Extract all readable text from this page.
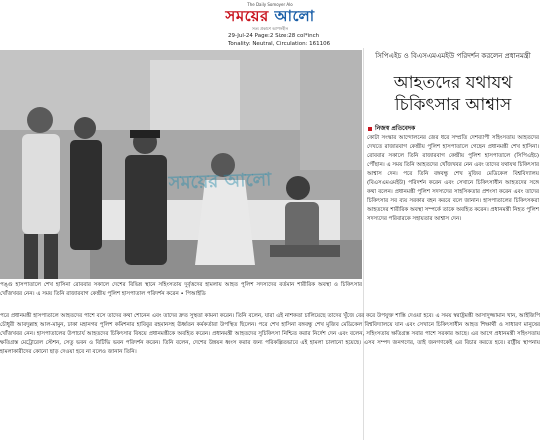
The Daily Somoyer Alo
সময়ের আলো
সত্য প্রকাশে আপসহীন
29-Jul-24 Page:2 Size:28 col*inch
Tonality: Neutral, Circulation: 161106
সময়ের আলো
পঙ্গু হাসপাতালে শেখ হাসিনা রোববার সকালে দেশের বিভিন্ন স্থানে সহিংসতায় দুর্বৃত্তদের হামলায় আহত পুলিশ সদস্যদের বর্তমান শারীরিক অবস্থা ও চিকিৎসার খোঁজখবর নেন। এ সময় তিনি রাজারবাগ কেন্দ্রীয় পুলিশ হাসপাতাল পরিদর্শন করেন • পিআইডি
সিপিএইচ ও বিএসএমএমইউ পরিদর্শন করলেন প্রধানমন্ত্রী
আহতদের যথাযথ চিকিৎসার আশ্বাস
নিজস্ব প্রতিবেদক
কোটা সংস্কার আন্দোলনের জের ধরে সম্প্রতি দেশব্যাপী সহিংসতায় আহতদের দেখতে রাজারবাগ কেন্দ্রীয় পুলিশ হাসপাতালে গেছেন প্রধানমন্ত্রী শেখ হাসিনা। রোববার সকালে তিনি রাজারবাগ কেন্দ্রীয় পুলিশ হাসপাতালে (সিপিএইচ) পৌঁছান। এ সময় তিনি আহতদের খোঁজখবর নেন এবং তাদের যথাযথ চিকিৎসার আশ্বাস দেন। পরে তিনি বঙ্গবন্ধু শেখ মুজিব মেডিকেল বিশ্ববিদ্যালয় (বিএসএমএমইউ) পরিদর্শন করেন এবং সেখানে চিকিৎসাধীন আহতদের সঙ্গে কথা বলেন। প্রধানমন্ত্রী পুলিশ সদস্যদের সাহসিকতার প্রশংসা করেন এবং তাদের চিকিৎসার সব ব্যয় সরকার বহন করবে বলে জানান। হাসপাতালের চিকিৎসকরা আহতদের শারীরিক অবস্থা সম্পর্কে তাকে অবহিত করেন। প্রধানমন্ত্রী নিহত পুলিশ সদস্যদের পরিবারকে সহায়তার আশ্বাস দেন।
পরে প্রধানমন্ত্রী হাসপাতালে আহতদের পাশে বসে তাদের কথা শোনেন এবং তাদের দ্রুত সুস্থতা কামনা করেন। তিনি বলেন, যারা এই নাশকতা চালিয়েছে তাদের খুঁজে বের করে উপযুক্ত শাস্তি দেওয়া হবে। এ সময় স্বরাষ্ট্রমন্ত্রী আসাদুজ্জামান খান, আইজিপি চৌধুরী আবদুল্লাহ আল-মামুন, ঢাকা মহানগর পুলিশ কমিশনার হাবিবুর রহমানসহ ঊর্ধ্বতন কর্মকর্তারা উপস্থিত ছিলেন। পরে শেখ হাসিনা বঙ্গবন্ধু শেখ মুজিব মেডিকেল বিশ্ববিদ্যালয়ে যান এবং সেখানে চিকিৎসাধীন আহত শিক্ষার্থী ও সাধারণ মানুষের খোঁজখবর নেন। হাসপাতালের উপাচার্য আহতদের চিকিৎসার বিষয়ে প্রধানমন্ত্রীকে অবহিত করেন। প্রধানমন্ত্রী আহতদের সুচিকিৎসা নিশ্চিত করার নির্দেশ দেন এবং বলেন, সহিংসতায় ক্ষতিগ্রস্ত সবার পাশে সরকার আছে। এর আগে প্রধানমন্ত্রী সহিংসতায় ক্ষতিগ্রস্ত মেট্রোরেল স্টেশন, সেতু ভবন ও বিটিভি ভবন পরিদর্শন করেন। তিনি বলেন, দেশের উন্নয়ন ধ্বংস করার জন্য পরিকল্পিতভাবে এই হামলা চালানো হয়েছে। এসব সম্পদ জনগণের, তাই জনগণকেই এর বিচার করতে হবে। রাষ্ট্রীয় স্থাপনায় হামলাকারীদের কোনো ছাড় দেওয়া হবে না বলেও জানান তিনি।
